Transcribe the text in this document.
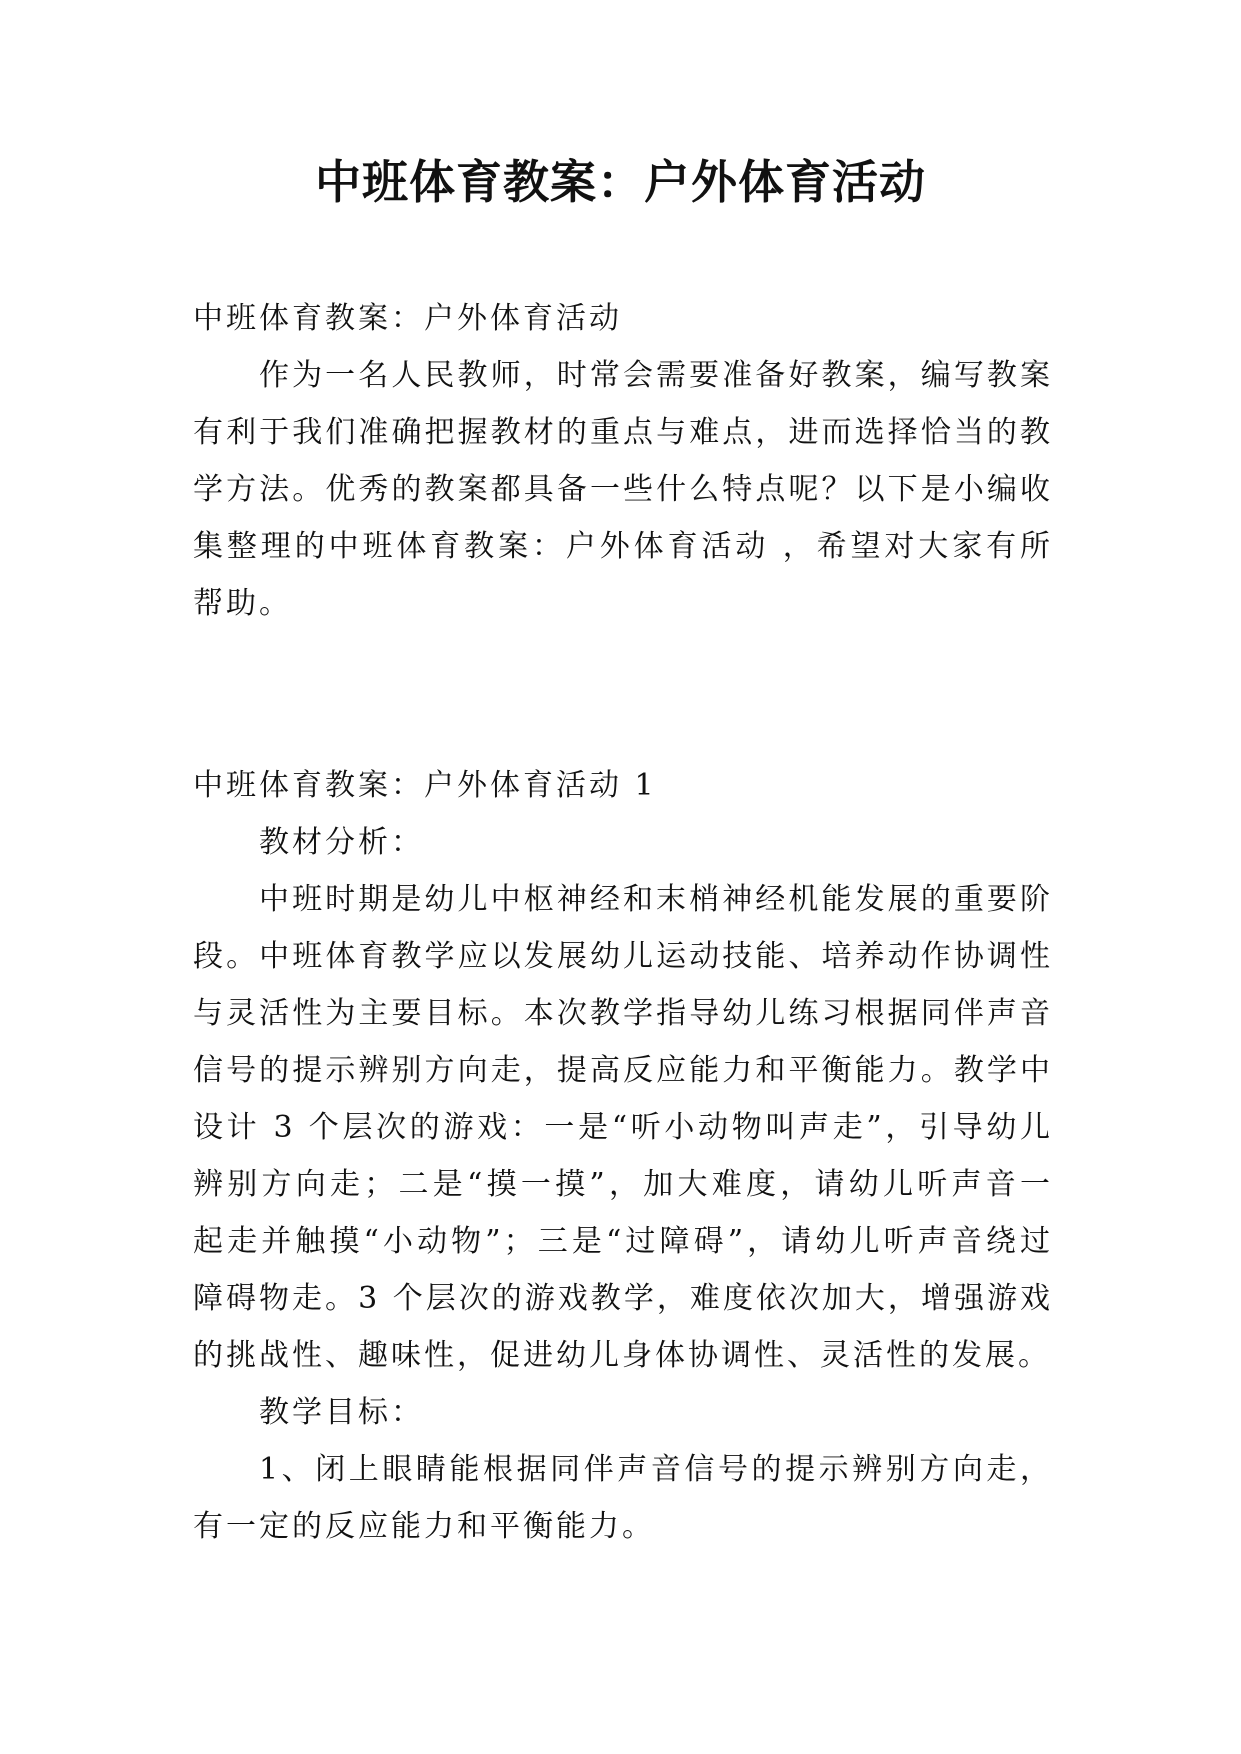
中班体育教案：户外体育活动

中班体育教案：户外体育活动

作为一名人民教师，时常会需要准备好教案，编写教案有利于我们准确把握教材的重点与难点，进而选择恰当的教学方法。优秀的教案都具备一些什么特点呢？以下是小编收集整理的中班体育教案：户外体育活动 ，希望对大家有所帮助。

中班体育教案：户外体育活动 1

教材分析：

中班时期是幼儿中枢神经和末梢神经机能发展的重要阶段。中班体育教学应以发展幼儿运动技能、培养动作协调性与灵活性为主要目标。本次教学指导幼儿练习根据同伴声音信号的提示辨别方向走，提高反应能力和平衡能力。教学中设计 3 个层次的游戏：一是“听小动物叫声走”，引导幼儿辨别方向走；二是“摸一摸”，加大难度，请幼儿听声音一起走并触摸“小动物”；三是“过障碍”，请幼儿听声音绕过障碍物走。3 个层次的游戏教学，难度依次加大，增强游戏的挑战性、趣味性，促进幼儿身体协调性、灵活性的发展。

教学目标：

1、闭上眼睛能根据同伴声音信号的提示辨别方向走，有一定的反应能力和平衡能力。
